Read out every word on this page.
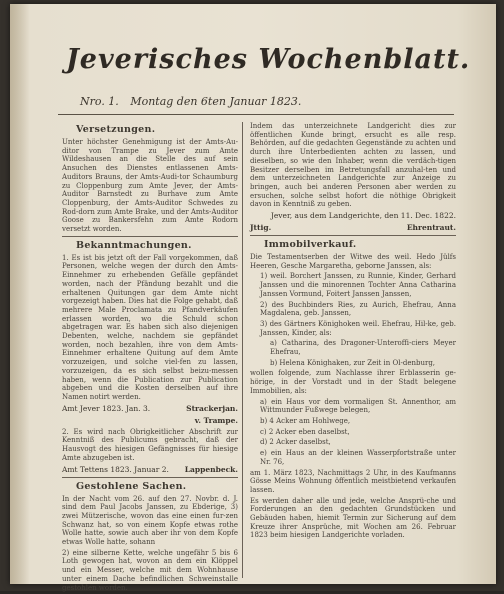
Jeverisches Wochenblatt.
Nro. 1. Montag den 6ten Januar 1823.
Versetzungen.

Unter höchster Genehmigung ist der Amts-Au-ditor von Trampe zu Jever zum Amte Wildeshausen an die Stelle des auf sein Ansuchen des Dienstes entlassenen Amts-Auditors Brauns, der Amts-Audi-tor Schaumburg zu Cloppenburg zum Amte Jever, der Amts-Auditor Barnstedt zu Burhave zum Amte Cloppenburg, der Amts-Auditor Schwedes zu Rod-dorn zum Amte Brake, und der Amts-Auditor Goose zu Bankersfehn zum Amte Rodorn versetzt worden.

Bekanntmachungen.

1. Es ist bis jetzt oft der Fall vorgekommen, daß Personen, welche wegen der durch den Amts-Einnehmer zu erhebenden Gefälle gepfändet worden, nach der Pfändung bezahlt und die erhaltenen Quitungen gar dem Amte nicht vorgezeigt haben. Dies hat die Folge gehabt, daß mehrere Male Proclamata zu Pfandverkäufen erlassen worden, wo die Schuld schon abgetragen war. Es haben sich also diejenigen Debenten, welche, nachdem sie gepfändet worden, noch bezahlen, ihre von dem Amts-Einnehmer erhaltene Quitung auf dem Amte vorzuzeigen, und solche viel-fen zu lassen, vorzuzeigen, da es sich selbst beizu-messen haben, wenn die Publication zur Publication abgeben und die Kosten derselben auf ihre Namen notirt werden.

Amt Jever 1823. Jan. 3.	Strackerjan.
v. Trampe.

2. Es wird nach Obrigkeitlicher Abschrift zur Kenntniß des Publicums gebracht, daß der Hausvogt des hiesigen Gefängnisses für hiesige Amte abzugeben ist.

Amt Tettens 1823. Januar 2. Lappenbeck.
Gestohlene Sachen.

In der Nacht vom 26. auf den 27. Novbr. d. J. sind dem Paul Jacobs Janssen, zu Ebderige, 3) zwei Mützerische, wovon das eine einen fur-zen Schwanz hat, so von einem Kopfe etwas rothe Wolle hatte, sowie auch aber ihr von dem Kopfe etwas Wolle hatte, sohann

2) eine silberne Kette, welche ungefähr 5 bis 6 Loth gewogen hat, wovon an dem ein Klöppel und ein Messer, welche mit dem Wohnhause unter einem Dache befindlichen Schweinstalle gestohlen worden.

Indem das unterzeichnete Landgericht dies zur öffentlichen Kunde bringt, ersucht es alle resp. Behörden, auf die gedachten Gegenstände zu achten und durch ihre Unterbedienten achten zu lassen, und dieselben, so wie den Inhaber, wenn die verdäch-tigen Besitzer derselben im Betretungsfall anzuhal-ten und dem unterzeichneten Landgerichte zur Anzeige zu bringen, auch bei anderen Personen aber werden zu ersuchen, solche selbst hofort die nöthige Obrigkeit davon in Kenntniß zu geben.

Jever, aus dem Landgerichte, den 11. Dec. 1822.
Jttig.	Ehrentraut.
Immobilverkauf.

Die Testamentserben der Witwe des weil. Hedo Jülfs Heeren, Gesche Margaretha, geborne Janssen, als:

1) weil. Borchert Janssen, zu Runnie, Kinder, Gerhard Janssen und die minorennen Tochter Anna Catharina Janssen Vormund, Foitert Janssen Janssen,

2) des Buchbinders Ries, zu Aurich, Ehefrau, Anna Magdalena, geb. Janssen,

3) des Gärtners Könighoken weil. Ehefrau, Hil-ke, geb. Janssen, Kinder, als:

a) Catharina, des Dragoner-Unteroffi-ciers Meyer Ehefrau,

b) Helena Könighaken, zur Zeit in Ol-denburg,

wollen folgende, zum Nachlasse ihrer Erblasserin ge-hörige, in der Vorstadt und in der Stadt belegene Immobilien, als:

a) ein Haus vor dem vormaligen St. Annenthor, am Wittmunder Fußwege belegen,

b) 4 Acker am Hohlwege,

c) 2 Acker eben daselbst,

d) 2 Acker daselbst,

e) ein Haus an der kleinen Wasserpfortstraße unter Nr. 76,

am 1. März 1823, Nachmittags 2 Uhr, in des Kaufmanns Gösse Meins Wohnung öffentlich meistbietend verkaufen lassen.

Es werden daher alle und jede, welche Ansprü-che und Forderungen an den gedachten Grundstücken und Gebäuden haben, hiemit Termin zur Sicherung auf dem Kreuze ihrer Ansprüche, mit Wochen am 26. Februar 1823 beim hiesigen Landgerichte vorladen.
